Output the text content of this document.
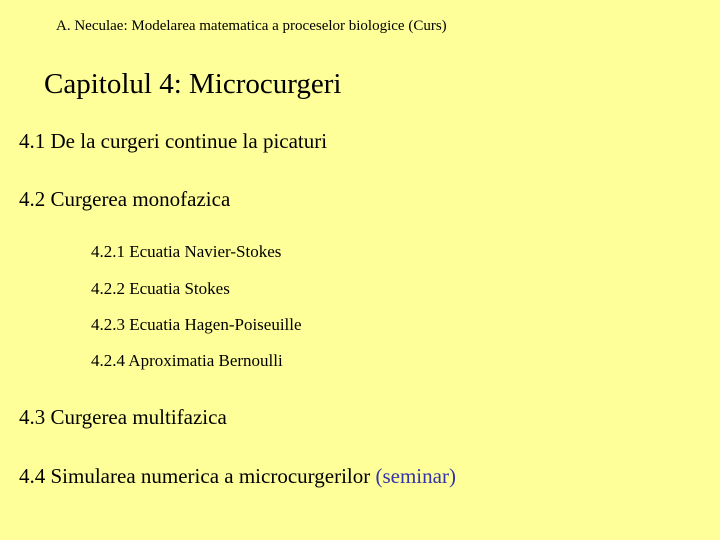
A. Neculae: Modelarea matematica a proceselor biologice (Curs)
Capitolul 4: Microcurgeri
4.1 De la curgeri continue la picaturi
4.2 Curgerea monofazica
4.2.1 Ecuatia Navier-Stokes
4.2.2 Ecuatia Stokes
4.2.3 Ecuatia Hagen-Poiseuille
4.2.4 Aproximatia Bernoulli
4.3 Curgerea multifazica
4.4 Simularea numerica a microcurgerilor (seminar)
